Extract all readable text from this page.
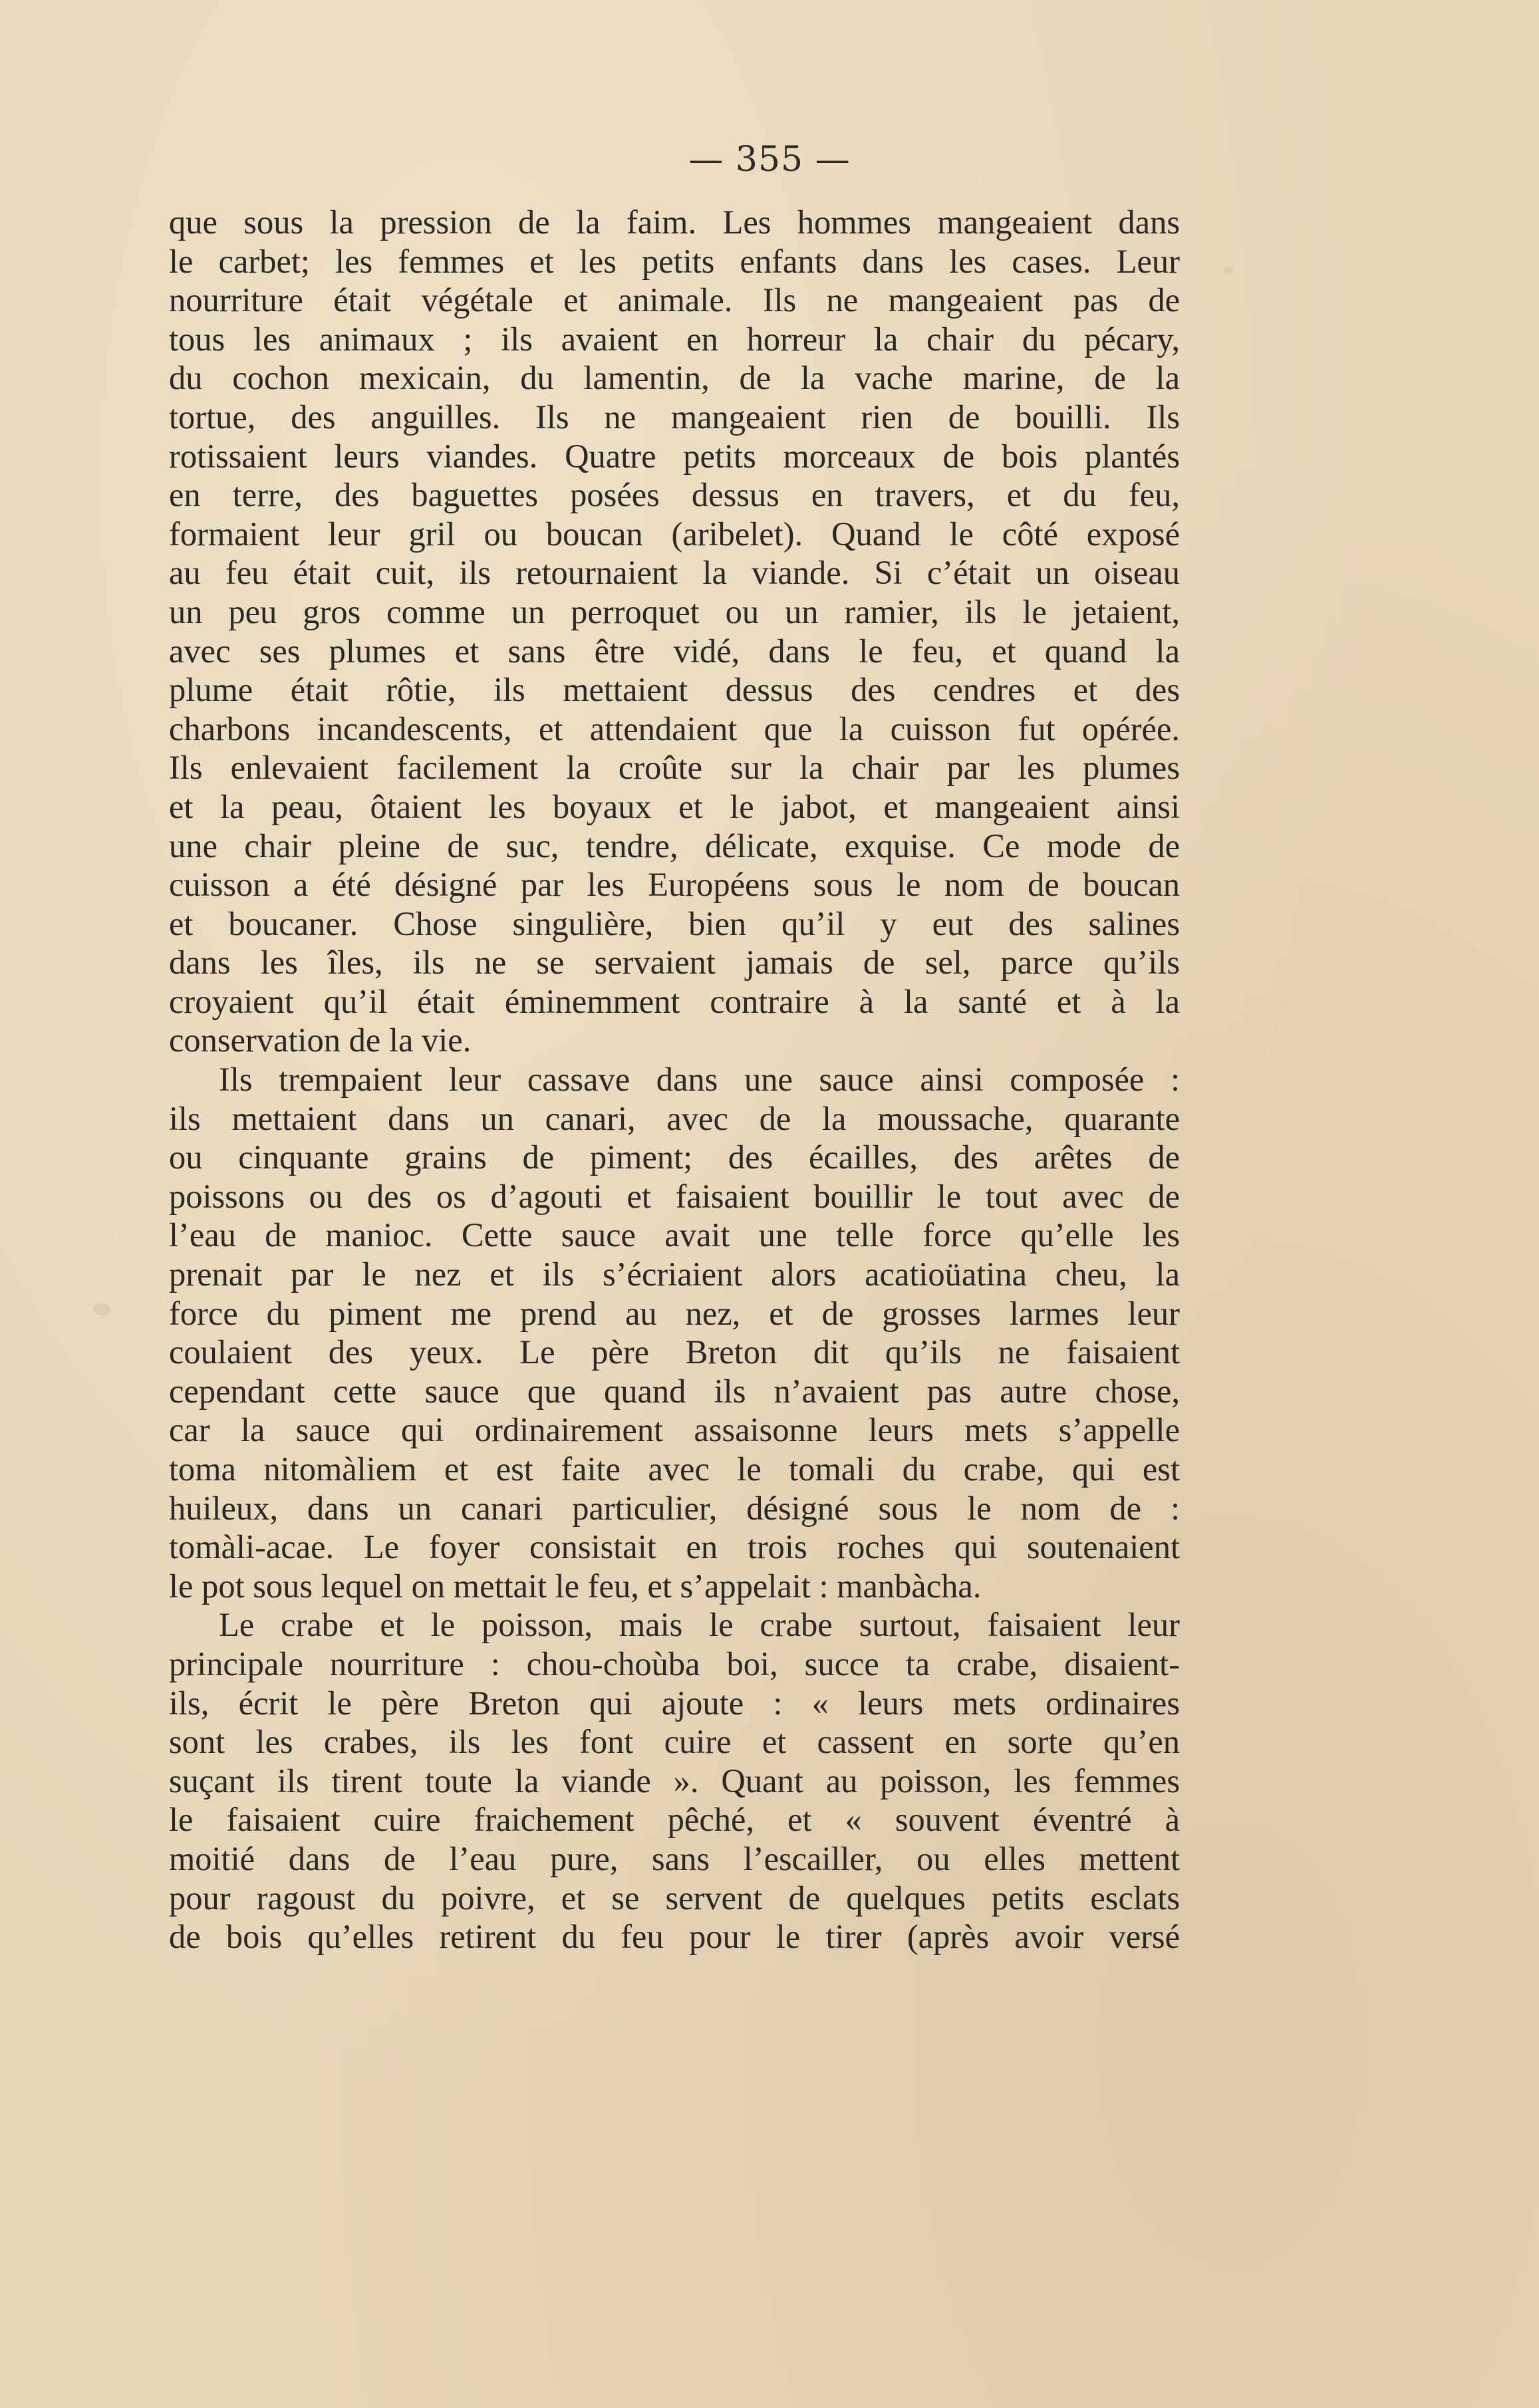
— 355 —
que sous la pression de la faim. Les hommes mangeaient dans
le carbet; les femmes et les petits enfants dans les cases. Leur
nourriture était végétale et animale. Ils ne mangeaient pas de
tous les animaux ; ils avaient en horreur la chair du pécary,
du cochon mexicain, du lamentin, de la vache marine, de la
tortue, des anguilles. Ils ne mangeaient rien de bouilli. Ils
rotissaient leurs viandes. Quatre petits morceaux de bois plantés
en terre, des baguettes posées dessus en travers, et du feu,
formaient leur gril ou boucan (aribelet). Quand le côté exposé
au feu était cuit, ils retournaient la viande. Si c’était un oiseau
un peu gros comme un perroquet ou un ramier, ils le jetaient,
avec ses plumes et sans être vidé, dans le feu, et quand la
plume était rôtie, ils mettaient dessus des cendres et des
charbons incandescents, et attendaient que la cuisson fut opérée.
Ils enlevaient facilement la croûte sur la chair par les plumes
et la peau, ôtaient les boyaux et le jabot, et mangeaient ainsi
une chair pleine de suc, tendre, délicate, exquise. Ce mode de
cuisson a été désigné par les Européens sous le nom de boucan
et boucaner. Chose singulière, bien qu’il y eut des salines
dans les îles, ils ne se servaient jamais de sel, parce qu’ils
croyaient qu’il était éminemment contraire à la santé et à la
conservation de la vie.
Ils trempaient leur cassave dans une sauce ainsi composée :
ils mettaient dans un canari, avec de la moussache, quarante
ou cinquante grains de piment; des écailles, des arêtes de
poissons ou des os d’agouti et faisaient bouillir le tout avec de
l’eau de manioc. Cette sauce avait une telle force qu’elle les
prenait par le nez et ils s’écriaient alors acatioüatina cheu, la
force du piment me prend au nez, et de grosses larmes leur
coulaient des yeux. Le père Breton dit qu’ils ne faisaient
cependant cette sauce que quand ils n’avaient pas autre chose,
car la sauce qui ordinairement assaisonne leurs mets s’appelle
toma nitomàliem et est faite avec le tomali du crabe, qui est
huileux, dans un canari particulier, désigné sous le nom de :
tomàli-acae. Le foyer consistait en trois roches qui soutenaient
le pot sous lequel on mettait le feu, et s’appelait : manbàcha.
Le crabe et le poisson, mais le crabe surtout, faisaient leur
principale nourriture : chou-choùba boi, succe ta crabe, disaient-
ils, écrit le père Breton qui ajoute : « leurs mets ordinaires
sont les crabes, ils les font cuire et cassent en sorte qu’en
suçant ils tirent toute la viande ». Quant au poisson, les femmes
le faisaient cuire fraichement pêché, et « souvent éventré à
moitié dans de l’eau pure, sans l’escailler, ou elles mettent
pour ragoust du poivre, et se servent de quelques petits esclats
de bois qu’elles retirent du feu pour le tirer (après avoir versé
